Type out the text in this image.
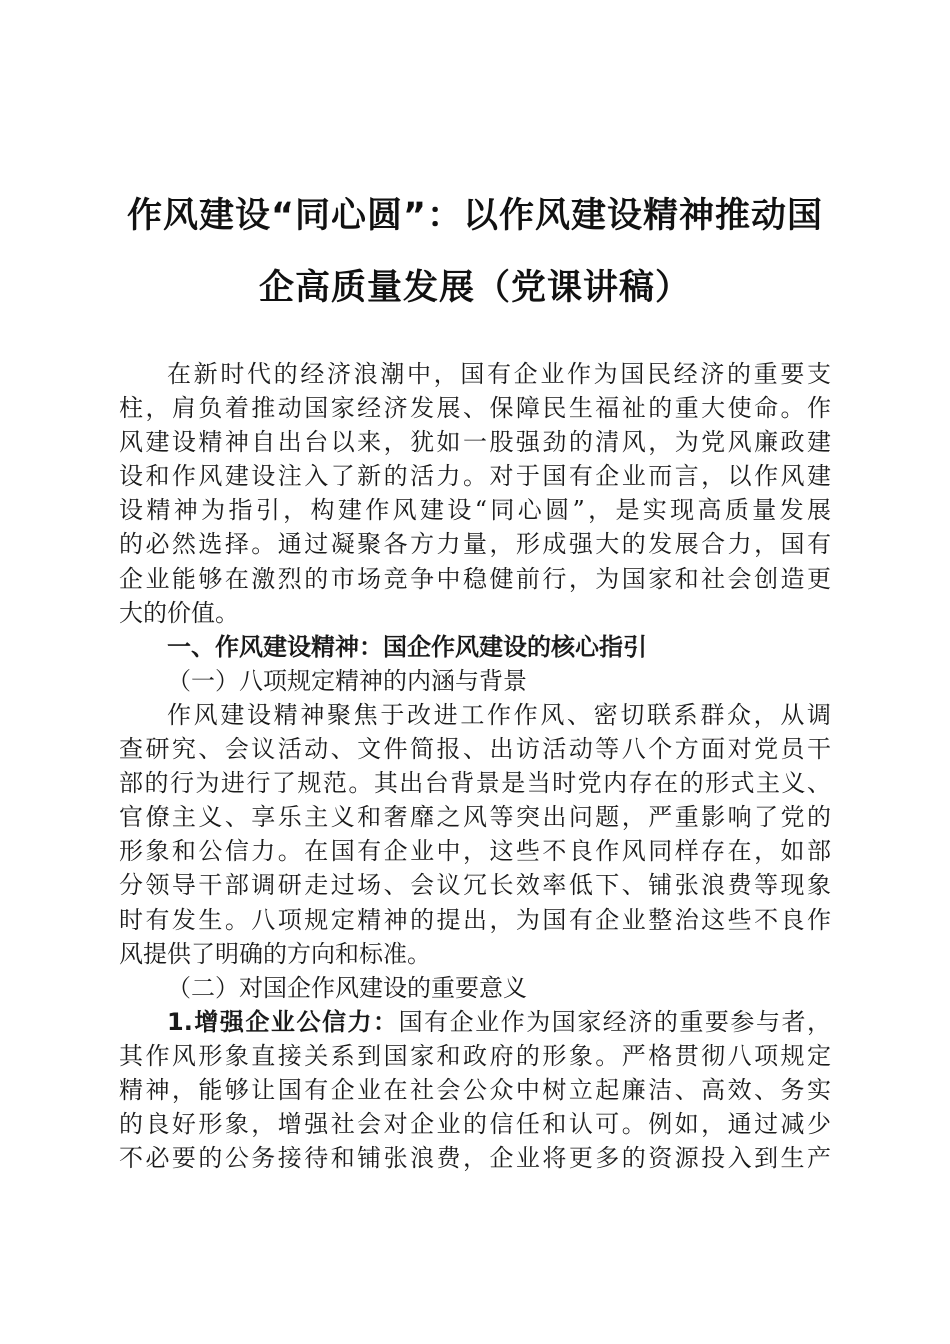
作风建设“同心圆”：以作风建设精神推动国
企高质量发展（党课讲稿）
在新时代的经济浪潮中，国有企业作为国民经济的重要支
柱，肩负着推动国家经济发展、保障民生福祉的重大使命。作
风建设精神自出台以来，犹如一股强劲的清风，为党风廉政建
设和作风建设注入了新的活力。对于国有企业而言，以作风建
设精神为指引，构建作风建设“同心圆”，是实现高质量发展
的必然选择。通过凝聚各方力量，形成强大的发展合力，国有
企业能够在激烈的市场竞争中稳健前行，为国家和社会创造更
大的价值。
一、作风建设精神：国企作风建设的核心指引
（一）八项规定精神的内涵与背景
作风建设精神聚焦于改进工作作风、密切联系群众，从调
查研究、会议活动、文件简报、出访活动等八个方面对党员干
部的行为进行了规范。其出台背景是当时党内存在的形式主义、
官僚主义、享乐主义和奢靡之风等突出问题，严重影响了党的
形象和公信力。在国有企业中，这些不良作风同样存在，如部
分领导干部调研走过场、会议冗长效率低下、铺张浪费等现象
时有发生。八项规定精神的提出，为国有企业整治这些不良作
风提供了明确的方向和标准。
（二）对国企作风建设的重要意义
1.增强企业公信力：国有企业作为国家经济的重要参与者，
其作风形象直接关系到国家和政府的形象。严格贯彻八项规定
精神，能够让国有企业在社会公众中树立起廉洁、高效、务实
的良好形象，增强社会对企业的信任和认可。例如，通过减少
不必要的公务接待和铺张浪费，企业将更多的资源投入到生产
